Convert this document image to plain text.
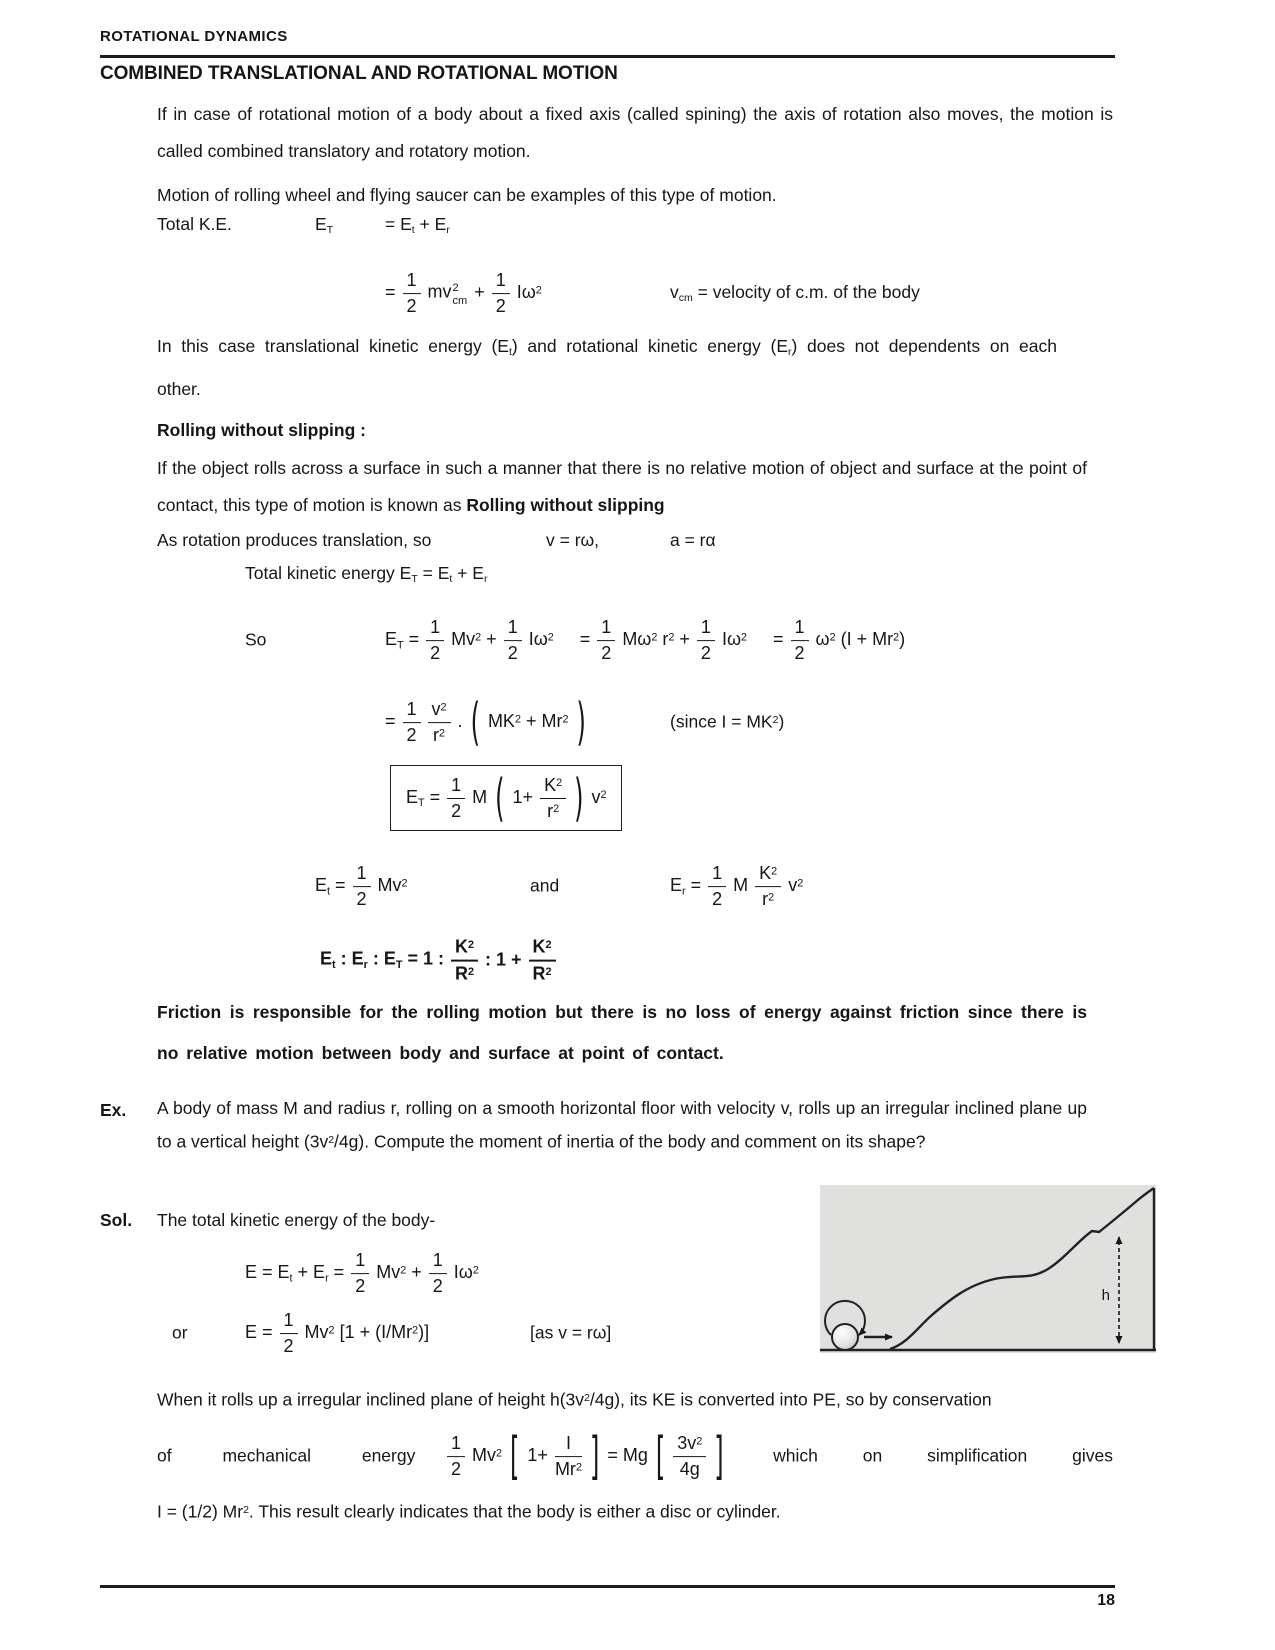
ROTATIONAL DYNAMICS
COMBINED TRANSLATIONAL AND ROTATIONAL MOTION

If in case of rotational motion of a body about a fixed axis (called spining) the axis of rotation also moves, the motion is called combined translatory and rotatory motion.

Motion of rolling wheel and flying saucer can be examples of this type of motion.

Total K.E.	$E_T$	= $E_t + E_r$
= $\frac{1}{2}$ mv 2
cm + $\frac{1}{2} I\omega^2$	$v_{cm}$ = velocity of c.m. of the body

In this case translational kinetic energy $(E_t)$ and rotational kinetic energy $(E_r)$ does not dependents on each other.

Rolling without slipping :

If the object rolls across a surface in such a manner that there is no relative motion of object and surface at the point of contact, this type of motion is known as Rolling without slipping

As rotation produces translation, so	v = rω,	a = rα
Total kinetic energy $E_T = E_t + E_r$
So	$E_T = \frac{1}{2} Mv^2 + \frac{1}{2} I\omega^2 = \frac{1}{2} M\omega^2$ $r^2 + \frac{1}{2} I\omega^2 = \frac{1}{2} \omega^2$ $(I + Mr^2)$
= $\frac{1}{2} \frac{v^2}{r^2}$ . ( $MK^2 + Mr^2$ )	(since $I = MK^2$)
$E_T = \frac{1}{2}$ M ( $1+ \frac{K^2}{r^2}$ ) $v^2$
$E_t = \frac{1}{2} Mv^2$	and	$E_r = \frac{1}{2}$ M $\frac{K^2}{r^2} v^2$
$E_t$ : $E_r$ : $E_T = 1$ : $\frac{K^2}{R^2}$ : $1 + \frac{K^2}{R^2}$

Friction is responsible for the rolling motion but there is no loss of energy against friction since there is no relative motion between body and surface at point of contact.

Ex. A body of mass M and radius r, rolling on a smooth horizontal floor with velocity v, rolls up an irregular inclined plane up to a vertical height $(3v^2/4g)$. Compute the moment of inertia of the body and comment on its shape?

Sol. The total kinetic energy of the body-

$E = E_t + E_r = \frac{1}{2} Mv^2 + \frac{1}{2} I\omega^2$
or	$E = \frac{1}{2} Mv^2$ $[1 + (I/Mr^2)]$	[as v = rω]

When it rolls up a irregular inclined plane of height $h(3v^2/4g)$, its KE is converted into PE, so by conservation

of mechanical energy $\frac{1}{2} Mv^2$ [ $1+ \frac{I}{Mr^2}$ ] = Mg [ $\frac{3v^2}{4g}$ ]	which on simplification gives

I = (1/2) Mr$^2$. This result clearly indicates that the body is either a disc or cylinder.

h
18
